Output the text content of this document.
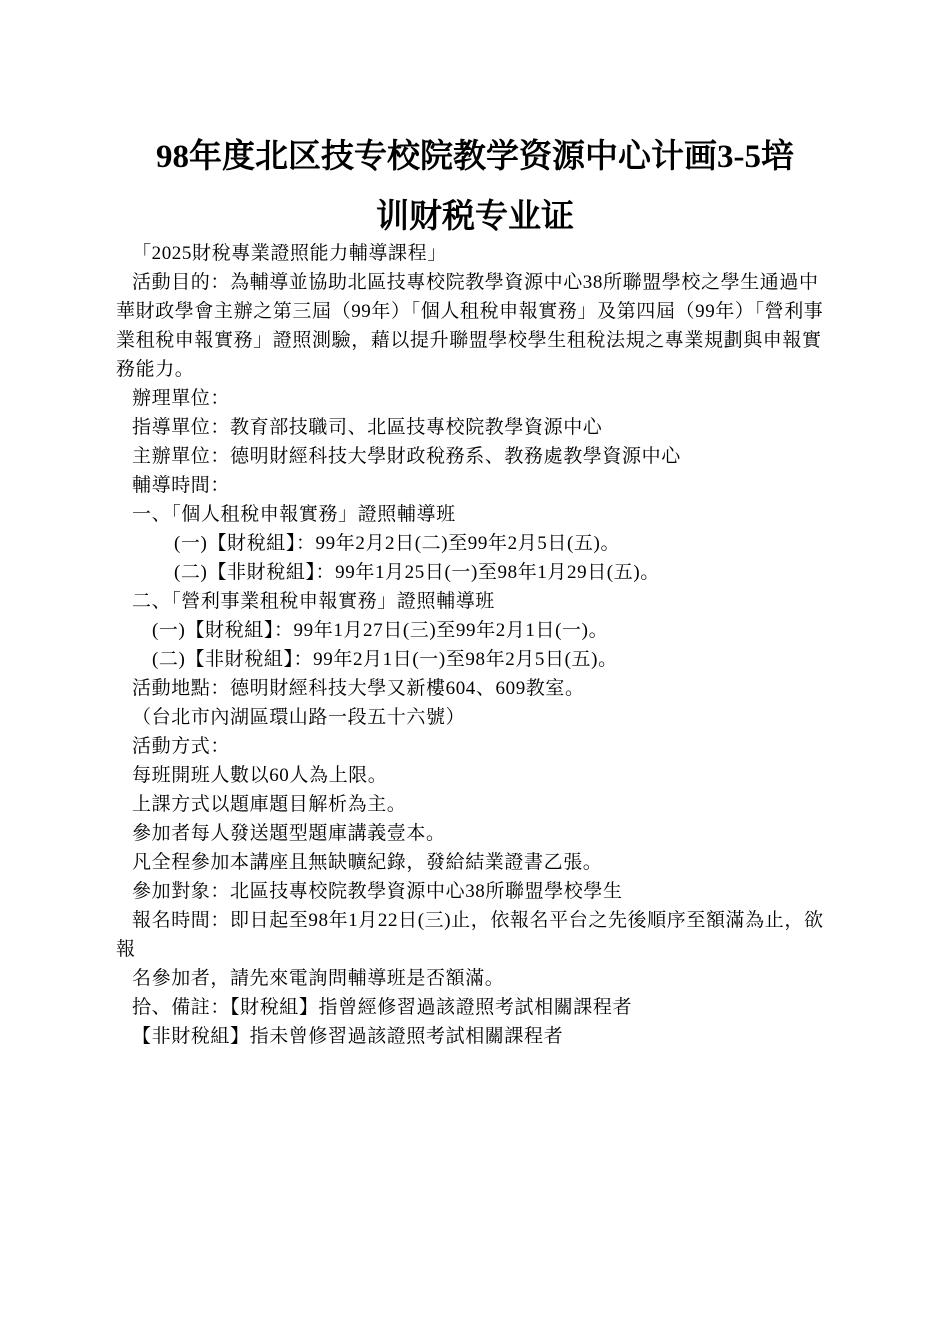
98年度北区技专校院教学资源中心计画3-5培
训财税专业证

「2025財稅專業證照能力輔導課程」

活動目的：為輔導並協助北區技專校院教學資源中心38所聯盟學校之學生通過中華財政學會主辦之第三屆（99年）「個人租稅申報實務」及第四屆（99年）「營利事業租稅申報實務」證照測驗，藉以提升聯盟學校學生租稅法規之專業規劃與申報實務能力。

辦理單位：

指導單位：教育部技職司、北區技專校院教學資源中心

主辦單位：德明財經科技大學財政稅務系、教務處教學資源中心

輔導時間：

一、「個人租稅申報實務」證照輔導班

(一)【財稅組】：99年2月2日(二)至99年2月5日(五)。

(二)【非財稅組】：99年1月25日(一)至98年1月29日(五)。

二、「營利事業租稅申報實務」證照輔導班

(一)【財稅組】：99年1月27日(三)至99年2月1日(一)。

(二)【非財稅組】：99年2月1日(一)至98年2月5日(五)。

活動地點：德明財經科技大學又新樓604、609教室。

（台北市內湖區環山路一段五十六號）

活動方式：

每班開班人數以60人為上限。

上課方式以題庫題目解析為主。

參加者每人發送題型題庫講義壹本。

凡全程參加本講座且無缺曠紀錄，發給結業證書乙張。

參加對象：北區技專校院教學資源中心38所聯盟學校學生

報名時間：即日起至98年1月22日(三)止，依報名平台之先後順序至額滿為止，欲報

名參加者，請先來電詢問輔導班是否額滿。

拾、備註：【財稅組】指曾經修習過該證照考試相關課程者

【非財稅組】指未曾修習過該證照考試相關課程者
